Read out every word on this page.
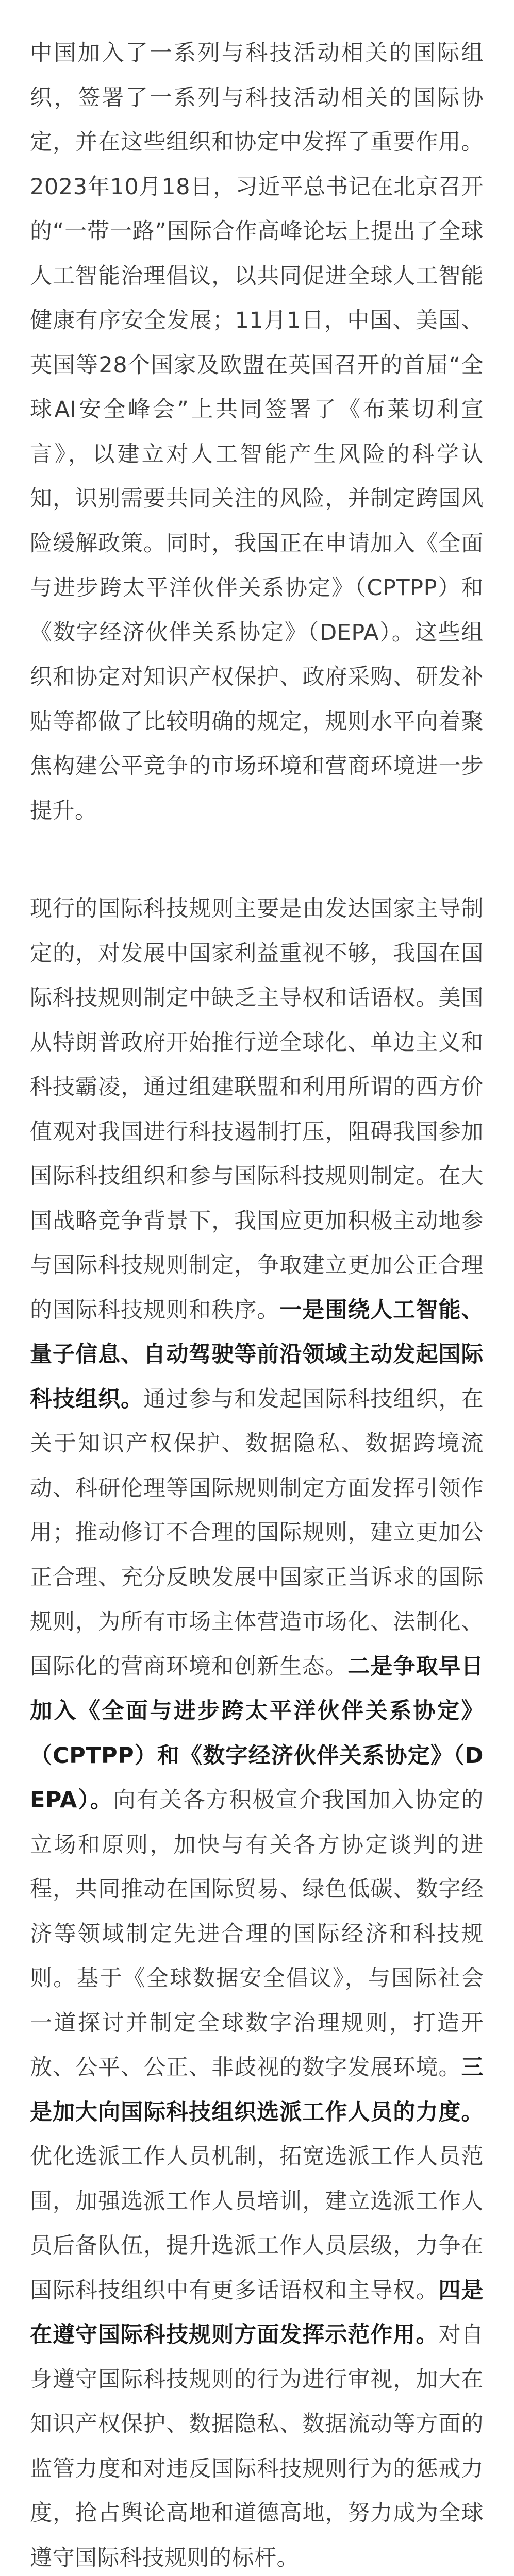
中国加入了一系列与科技活动相关的国际组织，签署了一系列与科技活动相关的国际协定，并在这些组织和协定中发挥了重要作用。2023年10月18日，习近平总书记在北京召开的“一带一路”国际合作高峰论坛上提出了全球人工智能治理倡议，以共同促进全球人工智能健康有序安全发展；11月1日，中国、美国、英国等28个国家及欧盟在英国召开的首届“全球AI安全峰会”上共同签署了《布莱切利宣言》，以建立对人工智能产生风险的科学认知，识别需要共同关注的风险，并制定跨国风险缓解政策。同时，我国正在申请加入《全面与进步跨太平洋伙伴关系协定》（CPTPP）和《数字经济伙伴关系协定》（DEPA）。这些组织和协定对知识产权保护、政府采购、研发补贴等都做了比较明确的规定，规则水平向着聚焦构建公平竞争的市场环境和营商环境进一步提升。

现行的国际科技规则主要是由发达国家主导制定的，对发展中国家利益重视不够，我国在国际科技规则制定中缺乏主导权和话语权。美国从特朗普政府开始推行逆全球化、单边主义和科技霸凌，通过组建联盟和利用所谓的西方价值观对我国进行科技遏制打压，阻碍我国参加国际科技组织和参与国际科技规则制定。在大国战略竞争背景下，我国应更加积极主动地参与国际科技规则制定，争取建立更加公正合理的国际科技规则和秩序。一是围绕人工智能、量子信息、自动驾驶等前沿领域主动发起国际科技组织。通过参与和发起国际科技组织，在关于知识产权保护、数据隐私、数据跨境流动、科研伦理等国际规则制定方面发挥引领作用；推动修订不合理的国际规则，建立更加公正合理、充分反映发展中国家正当诉求的国际规则，为所有市场主体营造市场化、法制化、国际化的营商环境和创新生态。二是争取早日加入《全面与进步跨太平洋伙伴关系协定》（CPTPP）和《数字经济伙伴关系协定》（DEPA）。向有关各方积极宣介我国加入协定的立场和原则，加快与有关各方协定谈判的进程，共同推动在国际贸易、绿色低碳、数字经济等领域制定先进合理的国际经济和科技规则。基于《全球数据安全倡议》，与国际社会一道探讨并制定全球数字治理规则，打造开放、公平、公正、非歧视的数字发展环境。三是加大向国际科技组织选派工作人员的力度。优化选派工作人员机制，拓宽选派工作人员范围，加强选派工作人员培训，建立选派工作人员后备队伍，提升选派工作人员层级，力争在国际科技组织中有更多话语权和主导权。四是在遵守国际科技规则方面发挥示范作用。对自身遵守国际科技规则的行为进行审视，加大在知识产权保护、数据隐私、数据流动等方面的监管力度和对违反国际科技规则行为的惩戒力度，抢占舆论高地和道德高地，努力成为全球遵守国际科技规则的标杆。
